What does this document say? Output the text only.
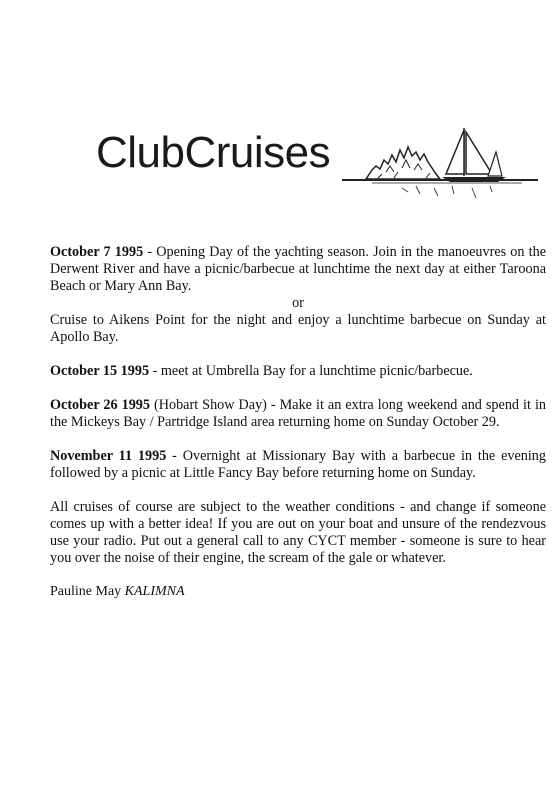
ClubCruises

October 7 1995 - Opening Day of the yachting season. Join in the manoeuvres on the Derwent River and have a picnic/barbecue at lunchtime the next day at either Taroona Beach or Mary Ann Bay.
or

Cruise to Aikens Point for the night and enjoy a lunchtime barbecue on Sunday at Apollo Bay.

October 15 1995 - meet at Umbrella Bay for a lunchtime picnic/barbecue.

October 26 1995 (Hobart Show Day) - Make it an extra long weekend and spend it in the Mickeys Bay / Partridge Island area returning home on Sunday October 29.

November 11 1995 - Overnight at Missionary Bay with a barbecue in the evening followed by a picnic at Little Fancy Bay before returning home on Sunday.

All cruises of course are subject to the weather conditions - and change if someone comes up with a better idea! If you are out on your boat and unsure of the rendezvous use your radio. Put out a general call to any CYCT member - someone is sure to hear you over the noise of their engine, the scream of the gale or whatever.

Pauline May KALIMNA
